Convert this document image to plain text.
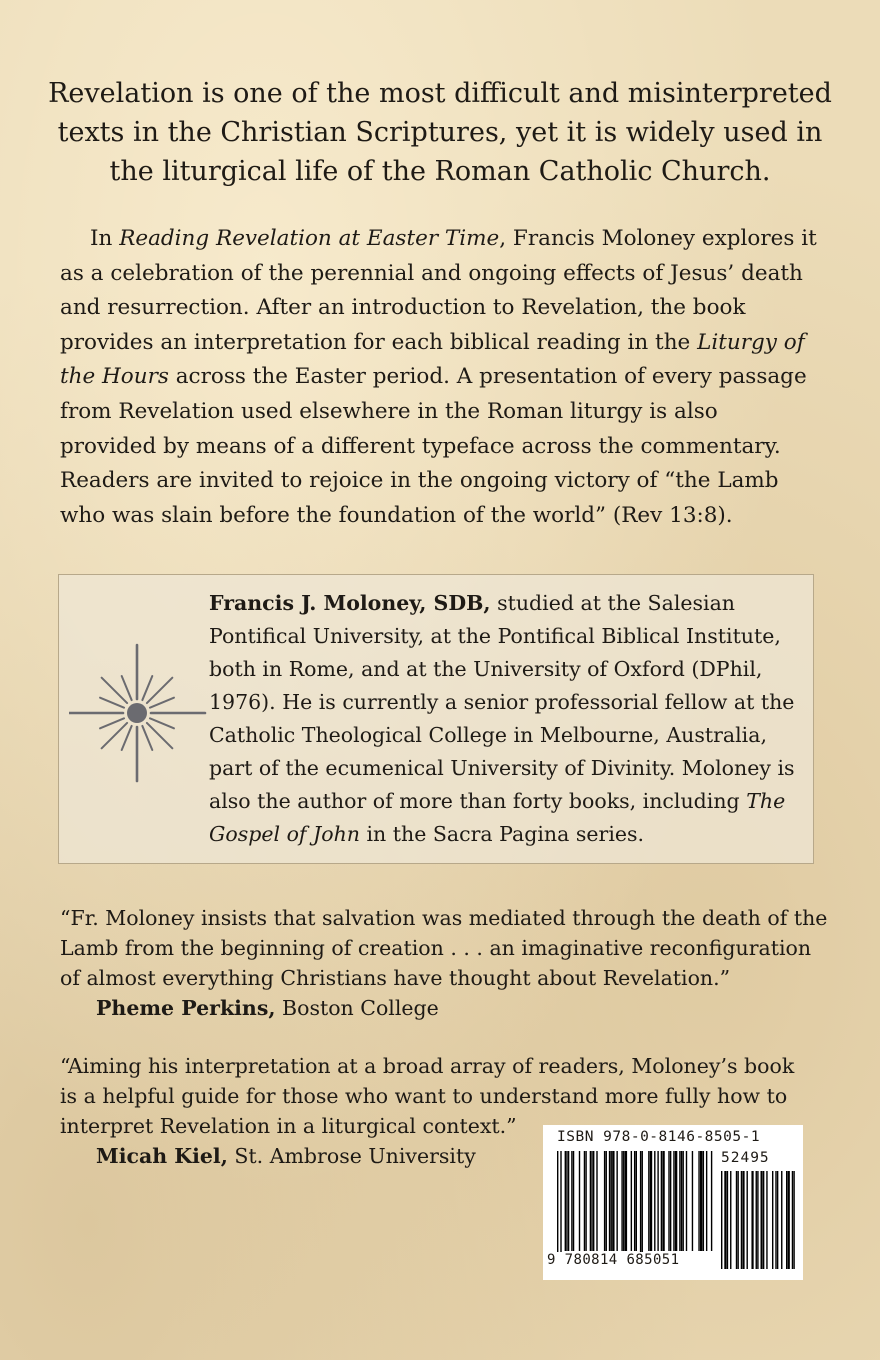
Revelation is one of the most difficult and misinterpreted texts in the Christian Scriptures, yet it is widely used in the liturgical life of the Roman Catholic Church.

In Reading Revelation at Easter Time, Francis Moloney explores it as a celebration of the perennial and ongoing effects of Jesus’ death and resurrection. After an introduction to Revelation, the book provides an interpretation for each biblical reading in the Liturgy of the Hours across the Easter period. A presentation of every passage from Revelation used elsewhere in the Roman liturgy is also provided by means of a different typeface across the commentary. Readers are invited to rejoice in the ongoing victory of “the Lamb who was slain before the foundation of the world” (Rev 13:8).

Francis J. Moloney, SDB, studied at the Salesian Pontifical University, at the Pontifical Biblical Institute, both in Rome, and at the University of Oxford (DPhil, 1976). He is currently a senior professorial fellow at the Catholic Theological College in Melbourne, Australia, part of the ecumenical University of Divinity. Moloney is also the author of more than forty books, including The Gospel of John in the Sacra Pagina series.

“Fr. Moloney insists that salvation was mediated through the death of the Lamb from the beginning of creation . . . an imaginative reconfiguration of almost everything Christians have thought about Revelation.”
Pheme Perkins, Boston College

“Aiming his interpretation at a broad array of readers, Moloney’s book is a helpful guide for those who want to understand more fully how to interpret Revelation in a liturgical context.”
Micah Kiel, St. Ambrose University

ISBN 978-0-8146-8505-1

52495

9 780814 685051
